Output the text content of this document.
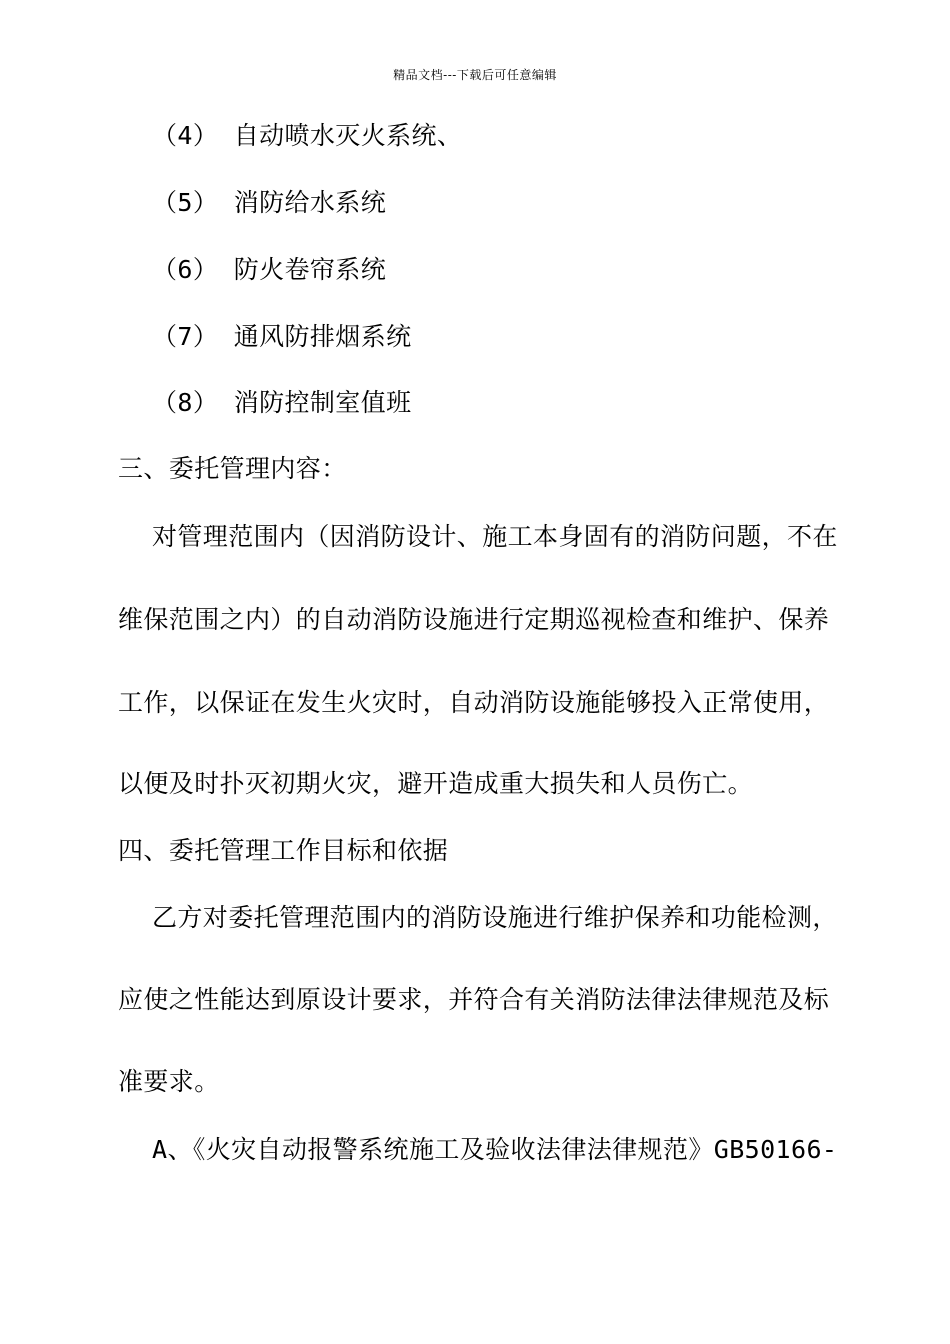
精品文档---下载后可任意编辑
（4） 自动喷水灭火系统、
（5） 消防给水系统
（6） 防火卷帘系统
（7） 通风防排烟系统
（8） 消防控制室值班
三、委托管理内容：
对管理范围内（因消防设计、施工本身固有的消防问题，不在
维保范围之内）的自动消防设施进行定期巡视检查和维护、保养
工作，以保证在发生火灾时，自动消防设施能够投入正常使用，
以便及时扑灭初期火灾，避开造成重大损失和人员伤亡。
四、委托管理工作目标和依据
乙方对委托管理范围内的消防设施进行维护保养和功能检测，
应使之性能达到原设计要求，并符合有关消防法律法律规范及标
准要求。
A、《火灾自动报警系统施工及验收法律法律规范》GB50166-
